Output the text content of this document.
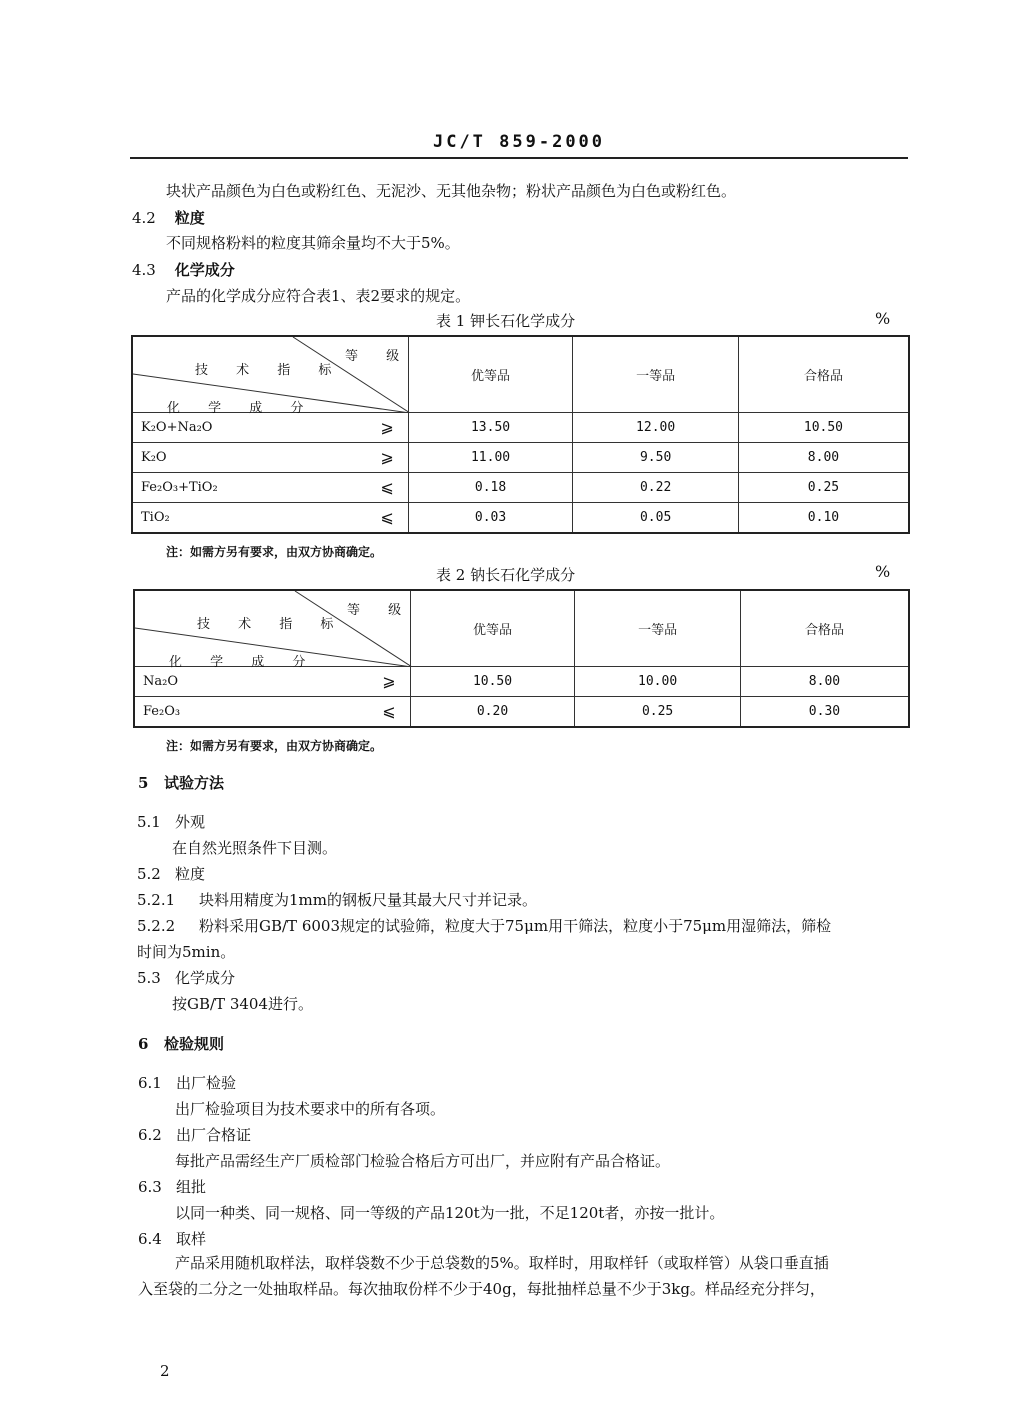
JC/T 859-2000
块状产品颜色为白色或粉红色、无泥沙、无其他杂物；粉状产品颜色为白色或粉红色。
4.2 粒度
不同规格粉料的粒度其筛余量均不大于5%。
4.3 化学成分
产品的化学成分应符合表1、表2要求的规定。
表 1 钾长石化学成分	%
等 级
技 术 指 标
化 学 成 分	优等品	一等品	合格品
K₂O+Na₂O ⩾	13.50	12.00	10.50
K₂O ⩾	11.00	9.50	8.00
Fe₂O₃+TiO₂ ⩽	0.18	0.22	0.25
TiO₂ ⩽	0.03	0.05	0.10
注：如需方另有要求，由双方协商确定。
表 2 钠长石化学成分	%
等 级
技 术 指 标
化 学 成 分	优等品	一等品	合格品
Na₂O ⩾	10.50	10.00	8.00
Fe₂O₃ ⩽	0.20	0.25	0.30
注：如需方另有要求，由双方协商确定。
5 试验方法
5.1 外观
在自然光照条件下目测。
5.2 粒度
5.2.1 块料用精度为1mm的钢板尺量其最大尺寸并记录。
5.2.2 粉料采用GB/T 6003规定的试验筛，粒度大于75μm用干筛法，粒度小于75μm用湿筛法，筛检
时间为5min。
5.3 化学成分
按GB/T 3404进行。
6 检验规则
6.1 出厂检验
出厂检验项目为技术要求中的所有各项。
6.2 出厂合格证
每批产品需经生产厂质检部门检验合格后方可出厂，并应附有产品合格证。
6.3 组批
以同一种类、同一规格、同一等级的产品120t为一批，不足120t者，亦按一批计。
6.4 取样
产品采用随机取样法，取样袋数不少于总袋数的5%。取样时，用取样钎（或取样管）从袋口垂直插
入至袋的二分之一处抽取样品。每次抽取份样不少于40g，每批抽样总量不少于3kg。样品经充分拌匀，
2
